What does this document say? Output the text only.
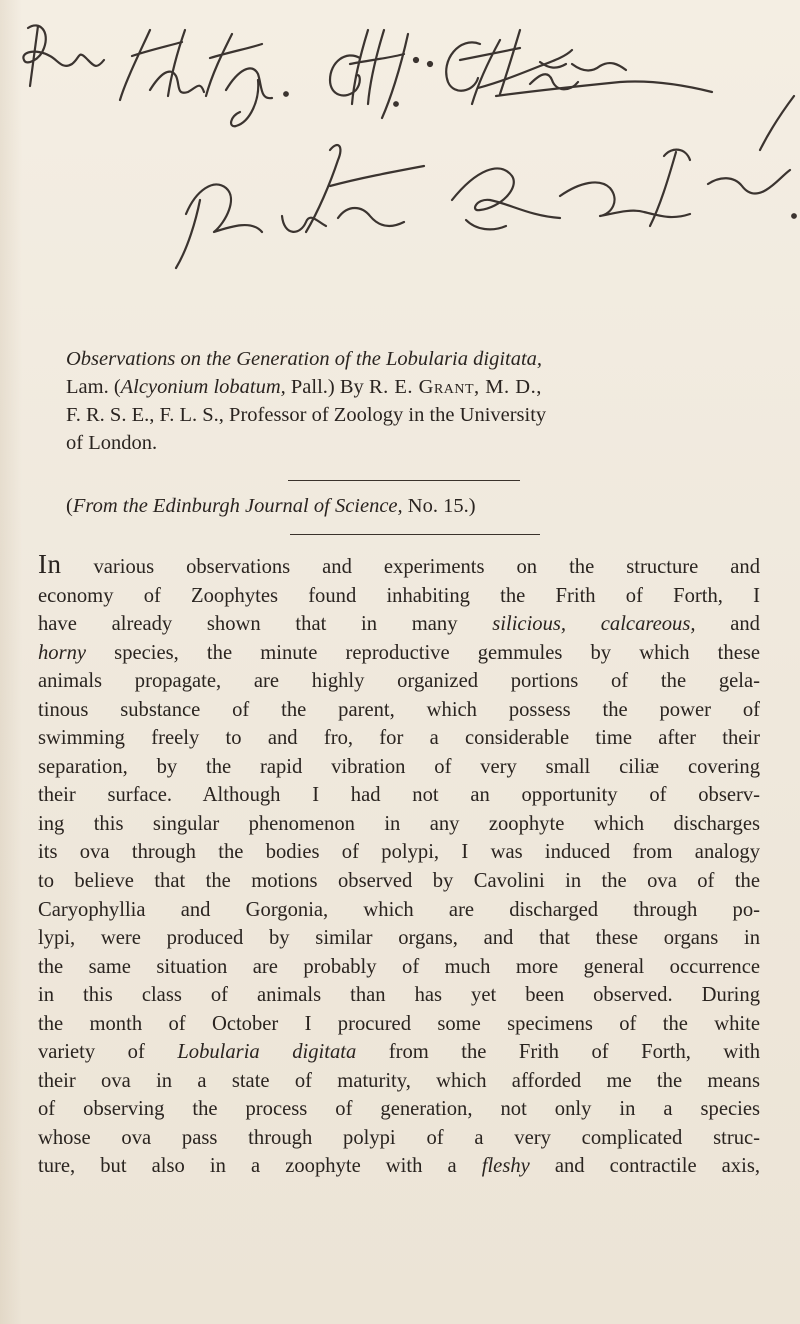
Observations on the Generation of the Lobularia digitata,
Lam. (Alcyonium lobatum, Pall.) By R. E. Grant, M. D.,
F. R. S. E., F. L. S., Professor of Zoology in the University
of London.
(From the Edinburgh Journal of Science, No. 15.)
In various observations and experiments on the structure and
economy of Zoophytes found inhabiting the Frith of Forth, I
have already shown that in many silicious, calcareous, and
horny species, the minute reproductive gemmules by which these
animals propagate, are highly organized portions of the gela-
tinous substance of the parent, which possess the power of
swimming freely to and fro, for a considerable time after their
separation, by the rapid vibration of very small ciliæ covering
their surface. Although I had not an opportunity of observ-
ing this singular phenomenon in any zoophyte which discharges
its ova through the bodies of polypi, I was induced from analogy
to believe that the motions observed by Cavolini in the ova of the
Caryophyllia and Gorgonia, which are discharged through po-
lypi, were produced by similar organs, and that these organs in
the same situation are probably of much more general occurrence
in this class of animals than has yet been observed. During
the month of October I procured some specimens of the white
variety of Lobularia digitata from the Frith of Forth, with
their ova in a state of maturity, which afforded me the means
of observing the process of generation, not only in a species
whose ova pass through polypi of a very complicated struc-
ture, but also in a zoophyte with a fleshy and contractile axis,
